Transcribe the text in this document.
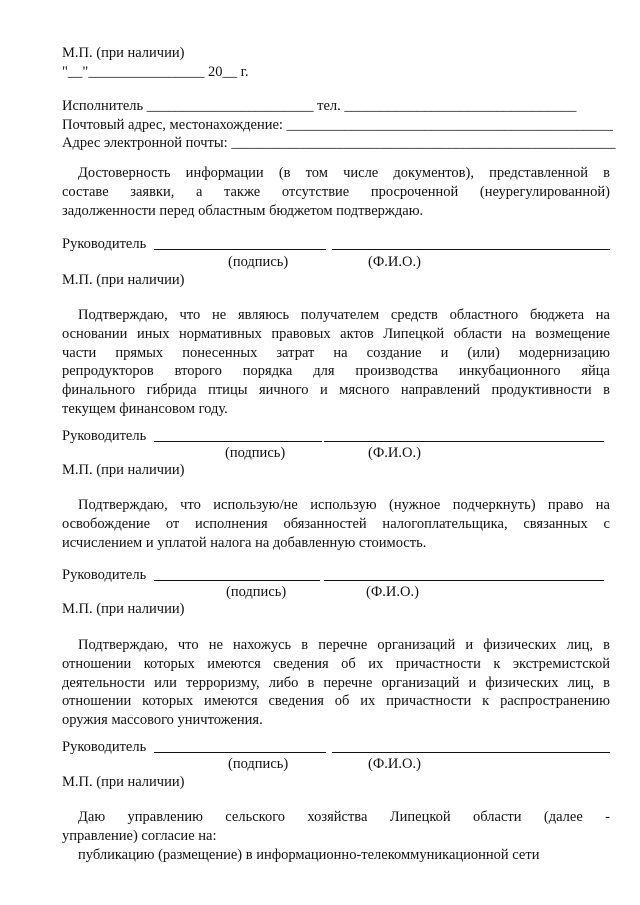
М.П. (при наличии)
"__"________________ 20__ г.
Исполнитель _______________________ тел. ________________________________
Почтовый адрес, местонахождение: _____________________________________________
Адрес электронной почты: _____________________________________________________
Достоверность информации (в том числе документов), представленной в
составе заявки, а также отсутствие просроченной (неурегулированной)
задолженности перед областным бюджетом подтверждаю.
Руководитель
(подпись)	(Ф.И.О.)
М.П. (при наличии)
Подтверждаю, что не являюсь получателем средств областного бюджета на
основании иных нормативных правовых актов Липецкой области на возмещение
части прямых понесенных затрат на создание и (или) модернизацию
репродукторов второго порядка для производства инкубационного яйца
финального гибрида птицы яичного и мясного направлений продуктивности в
текущем финансовом году.
Руководитель
(подпись)	(Ф.И.О.)
М.П. (при наличии)
Подтверждаю, что использую/не использую (нужное подчеркнуть) право на
освобождение от исполнения обязанностей налогоплательщика, связанных с
исчислением и уплатой налога на добавленную стоимость.
Руководитель
(подпись)	(Ф.И.О.)
М.П. (при наличии)
Подтверждаю, что не нахожусь в перечне организаций и физических лиц, в
отношении которых имеются сведения об их причастности к экстремистской
деятельности или терроризму, либо в перечне организаций и физических лиц, в
отношении которых имеются сведения об их причастности к распространению
оружия массового уничтожения.
Руководитель
(подпись)	(Ф.И.О.)
М.П. (при наличии)
Даю управлению сельского хозяйства Липецкой области (далее -
управление) согласие на:
публикацию (размещение) в информационно-телекоммуникационной сети
